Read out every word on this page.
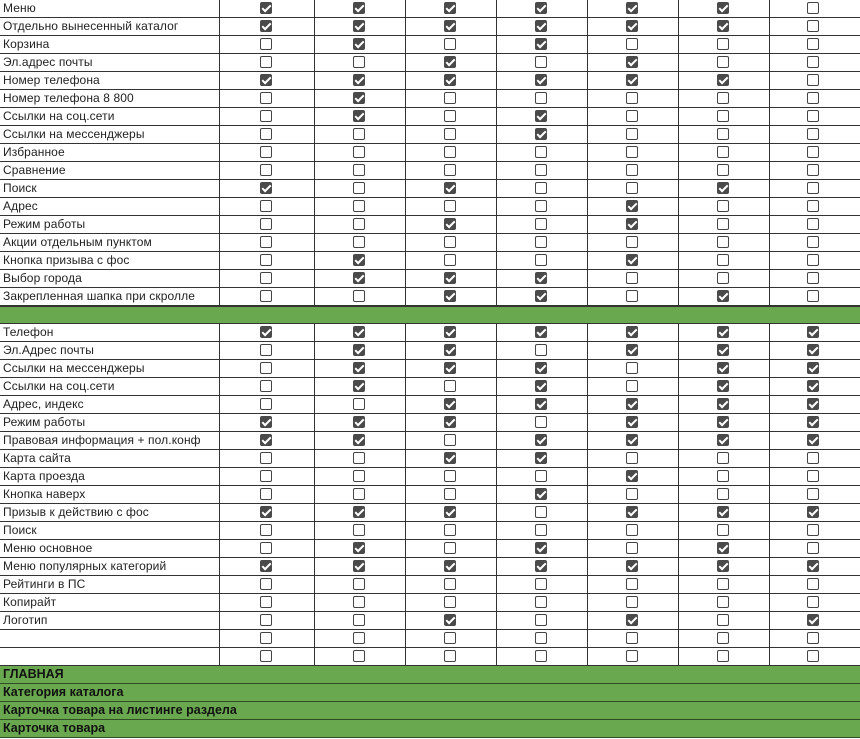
Меню
Отдельно вынесенный каталог
Корзина
Эл.адрес почты
Номер телефона
Номер телефона 8 800
Ссылки на соц.сети
Ссылки на мессенджеры
Избранное
Сравнение
Поиск
Адрес
Режим работы
Акции отдельным пунктом
Кнопка призыва с фос
Выбор города
Закрепленная шапка при скролле
Телефон
Эл.Адрес почты
Ссылки на мессенджеры
Ссылки на соц.сети
Адрес, индекс
Режим работы
Правовая информация + пол.конф
Карта сайта
Карта проезда
Кнопка наверх
Призыв к действию с фос
Поиск
Меню основное
Меню популярных категорий
Рейтинги в ПС
Копирайт
Логотип
ГЛАВНАЯ
Категория каталога
Карточка товара на листинге раздела
Карточка товара
